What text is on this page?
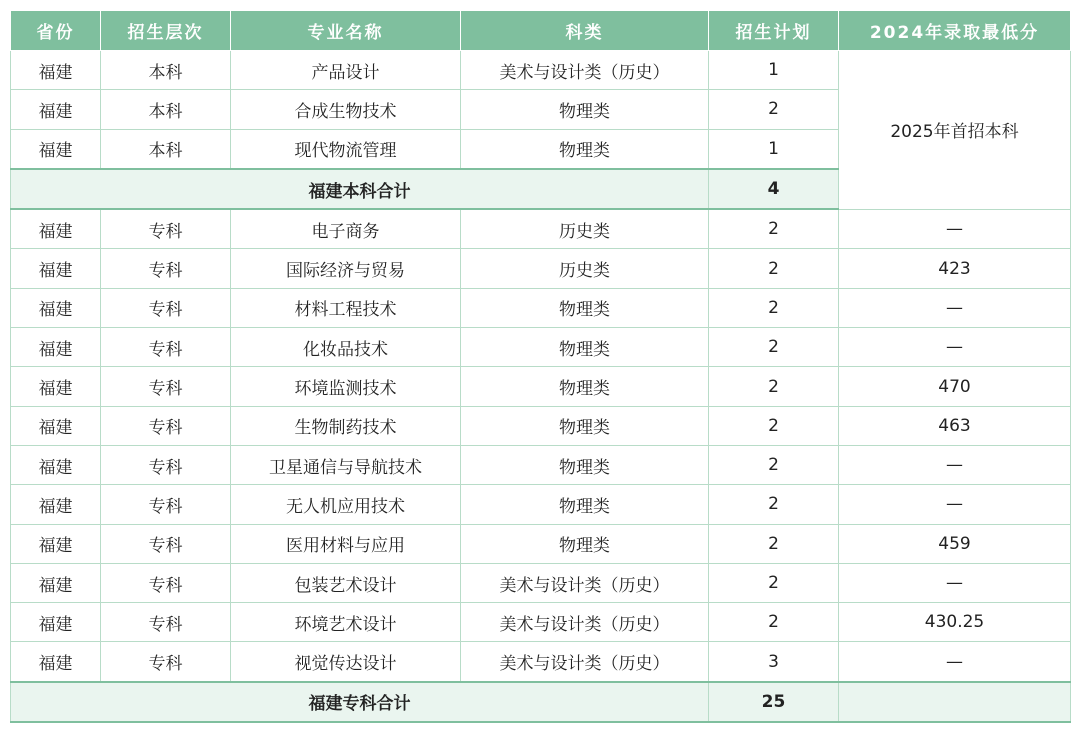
省份	招生层次	专业名称	科类	招生计划	2024年录取最低分
福建	本科	产品设计	美术与设计类（历史）	1	2025年首招本科
福建	本科	合成生物技术	物理类	2	
福建	本科	现代物流管理	物理类	1	
福建本科合计				4	
福建	专科	电子商务	历史类	2	—
福建	专科	国际经济与贸易	历史类	2	423
福建	专科	材料工程技术	物理类	2	—
福建	专科	化妆品技术	物理类	2	—
福建	专科	环境监测技术	物理类	2	470
福建	专科	生物制药技术	物理类	2	463
福建	专科	卫星通信与导航技术	物理类	2	—
福建	专科	无人机应用技术	物理类	2	—
福建	专科	医用材料与应用	物理类	2	459
福建	专科	包装艺术设计	美术与设计类（历史）	2	—
福建	专科	环境艺术设计	美术与设计类（历史）	2	430.25
福建	专科	视觉传达设计	美术与设计类（历史）	3	—
福建专科合计				25	
